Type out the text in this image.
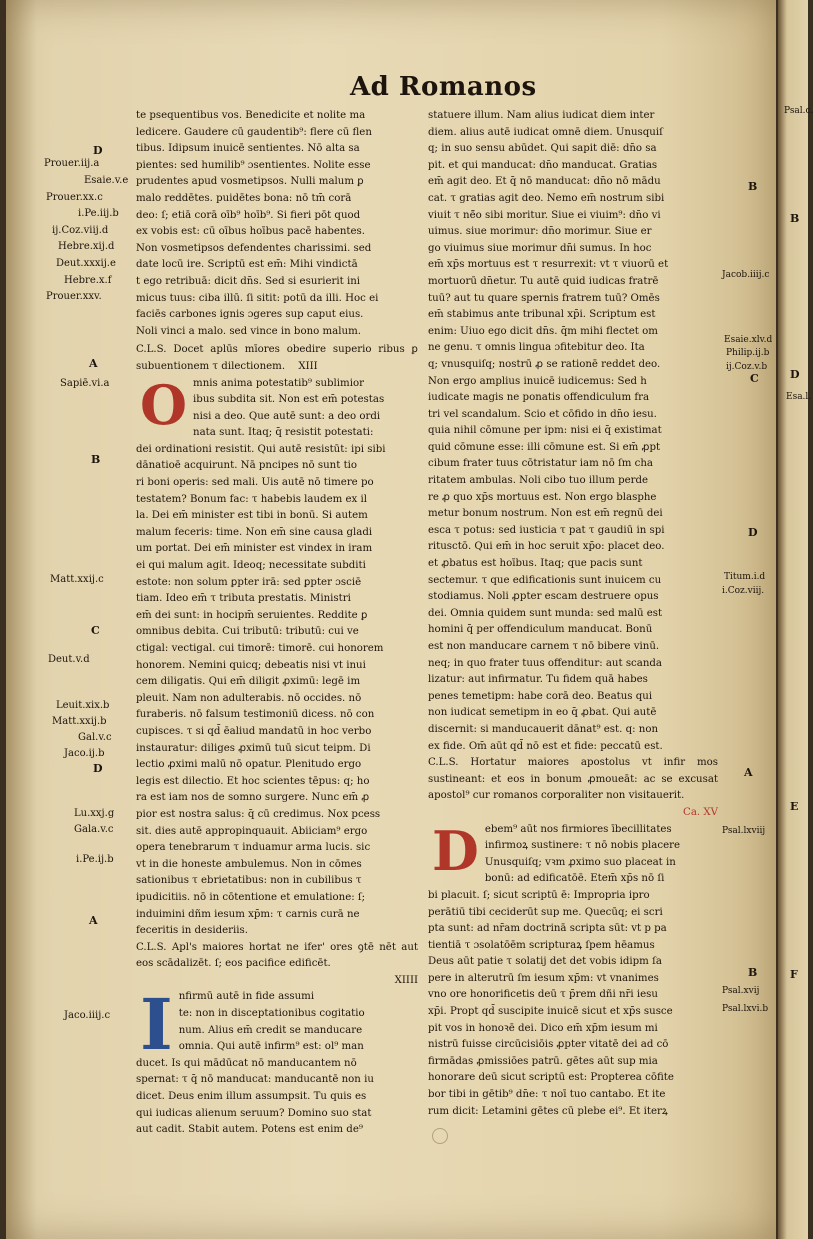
Ad Romanos
te psequentibus vos. Benedicite et nolite ma
ledicere. Gaudere cū gaudentib⁹: flere cū flen
tibus. Idipsum inuicē sentientes. Nō alta sa
pientes: sed humilib⁹ ɔsentientes. Nolite esse
prudentes apud vosmetipsos. Nulli malum ꝑ
malo reddētes. puidētes bona: nō tm̄ corā
deo: ſ; etiā corā oīb⁹ hoīb⁹. Si fieri pōt quod
ex vobis est: cū oībus hoībus pacē habentes.
Non vosmetipsos defendentes charissimi. sed
date locū ire. Scriptū est em̄: Mihi vindictā
t ego retribuā: dicit dn̄s. Sed si esurierit ini
micus tuus: ciba illū. ſi sitit: potū da illi. Hoc ei
faciēs carbones ignis ɔgeres sup caput eius.
Noli vinci a malo. sed vince in bono malum.
C.L.S. Docet aplūs mīores obedire superio ribus ꝑ subuentionem τ dilectionem. XIII
O mnis anima potestatib⁹ sublimior
ibus subdita sit. Non est em̄ potestas
nisi a deo. Que autē sunt: a deo ordi
nata sunt. Itaq; q̄ resistit potestati:
dei ordinationi resistit. Qui autē resistūt: ipi sibi
dānatioē acquirunt. Nā pncipes nō sunt tio
ri boni operis: sed mali. Uis autē nō timere po
testatem? Bonum fac: τ habebis laudem ex il
la. Dei em̄ minister est tibi in bonū. Si autem
malum feceris: time. Non em̄ sine causa gladi
um portat. Dei em̄ minister est vindex in iram
ei qui malum agit. Ideoq; necessitate subditi
estote: non solum ꝑpter irā: sed ꝑpter ɔsciē
tiam. Ideo em̄ τ tributa prestatis. Ministri
em̄ dei sunt: in hocipm̄ seruientes. Reddite ꝑ
omnibus debita. Cui tributū: tributū: cui ve
ctigal: vectigal. cui timorē: timorē. cui honorem
honorem. Nemini quicq; debeatis nisi vt inui
cem diligatis. Qui em̄ diligit ꝓximū: legē im
pleuit. Nam non adulterabis. nō occides. nō
furaberis. nō falsum testimoniū dicess. nō con
cupisces. τ si qd̄ ēaliud mandatū in hoc verbo
instauratur: diliges ꝓximū tuū sicut teipm. Di
lectio ꝓximi malū nō opatur. Plenitudo ergo
legis est dilectio. Et hoc scientes tēpus: q; ho
ra est iam nos de somno surgere. Nunc em̄ ꝓ
pior est nostra salus: q̄ cū credimus. Nox pcess
sit. dies autē appropinquauit. Abiiciam⁹ ergo
opera tenebrarum τ induamur arma lucis. sic
vt in die honeste ambulemus. Non in cōmes
sationibus τ ebrietatibus: non in cubilibus τ
ipudicitiis. nō in cōtentione et emulatione: ſ;
induimini dñm iesum xp̄m: τ carnis curā ne
feceritis in desideriis.
C.L.S. Apl's maiores hortat ne ifer' ores ꝯtē nēt aut eos scādalizēt. ſ; eos pacifice edificēt.
XIIII
I nfirmū autē in fide assumi
te: non in disceptationibus cogitatio
num. Alius em̄ credit se manducare
omnia. Qui autē infirm⁹ est: ol⁹ man
ducet. Is qui mādūcat nō manducantem nō
spernat: τ q̄ nō manducat: manducantē non iu
dicet. Deus enim illum assumpsit. Tu quis es
qui iudicas alienum seruum? Domino suo stat
aut cadit. Stabit autem. Potens est enim de⁹
statuere illum. Nam alius iudicat diem inter
diem. alius autē iudicat omnē diem. Unusquiſ
q; in suo sensu abūdet. Qui sapit diē: dn̄o sa
pit. et qui manducat: dn̄o manducat. Gratias
em̄ agit deo. Et q̄ nō manducat: dn̄o nō mādu
cat. τ gratias agit deo. Nemo em̄ nostrum sibi
viuit τ nē̄o sibi moritur. Siue ei viuim⁹: dn̄o vi
uimus. siue morimur: dn̄o morimur. Siue er
go viuimus siue morimur dn̄i sumus. In hoc
em̄ xp̄s mortuus est τ resurrexit: vt τ viuorū et
mortuorū dn̄etur. Tu autē quid iudicas fratrē
tuū? aut tu quare spernis fratrem tuū? Omēs
em̄ stabimus ante tribunal xp̄i. Scriptum est
enim: Uiuo ego dicit dn̄s. q̄m mihi flectet om
ne genu. τ omnis lingua ɔfitebitur deo. Ita
q; vnusquiſq; nostrū ꝓ se rationē reddet deo.
Non ergo amplius inuicē iudicemus: Sed h
iudicate magis ne ponatis offendiculum fra
tri vel scandalum. Scio et cōfido in dn̄o iesu.
quia nihil cōmune per ipm: nisi ei q̄ existimat
quid cōmune esse: illi cōmune est. Si em̄ ꝓpt
cibum frater tuus cōtristatur iam nō ſm cha
ritatem ambulas. Noli cibo tuo illum perde
re ꝓ quo xp̄s mortuus est. Non ergo blasphe
metur bonum nostrum. Non est em̄ regnū dei
esca τ potus: sed iusticia τ pat τ gaudiū in spi
ritusctō. Qui em̄ in hoc seruit xp̄o: placet deo.
et ꝓbatus est hoībus. Itaq; que pacis sunt
sectemur. τ que edificationis sunt inuicem cu
stodiamus. Noli ꝓpter escam destruere opus
dei. Omnia quidem sunt munda: sed malū est
homini q̄ per offendiculum manducat. Bonū
est non manducare carnem τ nō bibere vinū.
neq; in quo frater tuus offenditur: aut scanda
lizatur: aut infirmatur. Tu fidem quā habes
penes temetipm: habe corā deo. Beatus qui
non iudicat semetipm in eo q̄ ꝓbat. Qui autē
discernit: si manducauerit dānat⁹ est. q: non
ex fide. Om̄ aūt qd̄ nō est et fide: peccatū est.
C.L.S. Hortatur maiores apostolus vt infir mos sustineant: et eos in bonum ꝓmoueāt: ac se excusat apostol⁹ cur romanos corporaliter non visitauerit.
Ca. XV
D ebem⁹ aūt nos firmiores ībecillitates
infirmoꝝ sustinere: τ nō nobis placere
Unusquiſq; vꝛm ꝓximo suo placeat in
bonū: ad edificatōē. Etem̄ xp̄s nō ſi
bi placuit. ſ; sicut scriptū ē: Impropria ipro
perātiū tibi ceciderūt sup me. Quecūq; ei scri
pta sunt: ad nr̄am doctrinā scripta sūt: vt p pa
tientiā τ ɔsolatōēm scripturaꝝ ſpem hēamus
Deus aūt patie τ solatij det det vobis idipm ſa
pere in alterutrū ſm iesum xp̄m: vt vnanimes
vno ore honorificetis deū τ p̄rem dñi nr̄i iesu
xp̄i. Propt qd̄ suscipite inuicē sicut et xp̄s susce
pit vos in honoꝛē dei. Dico em̄ xp̄m iesum mi
nistrū fuisse circūcisiōis ꝓpter vitatē dei ad cō
firmādas ꝓmissiōes patrū. gētes aūt sup mia
honorare deū sicut scriptū est: Propterea cōfite
bor tibi in gētib⁹ dn̄e: τ noī tuo cantabo. Et ite
rum dicit: Letamini gētes cū plebe ei⁹. Et iterꝝ
Prouer.iij.a
Esaie.v.e
Prouer.xx.c
i.Pe.iij.b
ij.Coz.viij.d
Hebre.xij.d
Deut.xxxij.e
Hebre.x.f
Prouer.xxv.
Sapiē.vi.a
Matt.xxij.c
Deut.v.d
Leuit.xix.b
Matt.xxij.b
Gal.v.c
Jaco.ij.b
Lu.xxj.g
Gala.v.c
i.Pe.ij.b
Jaco.iiij.c
D
A
B
C
D
A
Jacob.iiij.c
Esaie.xlv.d
Philip.ij.b
ij.Coz.v.b
Titum.i.d
i.Coz.viij.
Psal.lxviij
Psal.xvij
Psal.lxvi.b
B
C
D
A
B
Psal.c.
Esa.l.
B
D
E
F
